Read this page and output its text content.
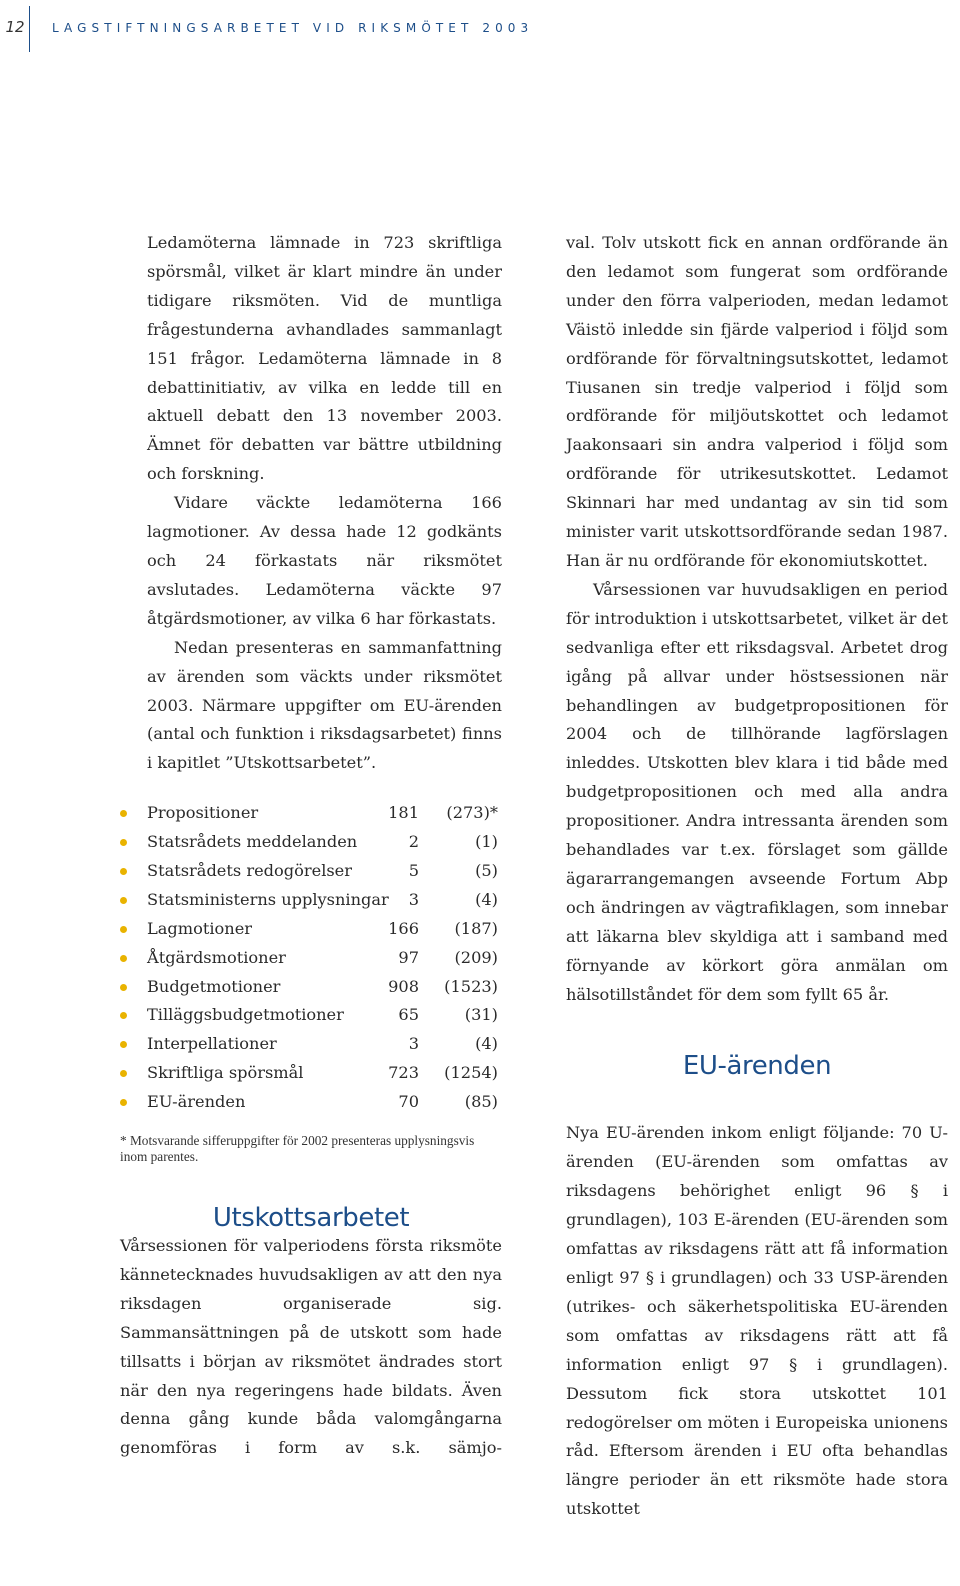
12	LAGSTIFTNINGSARBETET VID RIKSMÖTET 2003

Ledamöterna lämnade in 723 skriftliga spörsmål, vilket är klart mindre än under tidigare riksmöten. Vid de muntliga frågestunderna avhandlades sammanlagt 151 frågor. Ledamöterna lämnade in 8 debattinitiativ, av vilka en ledde till en aktuell debatt den 13 november 2003. Ämnet för debatten var bättre utbildning och forskning.

Vidare väckte ledamöterna 166 lagmotioner. Av dessa hade 12 godkänts och 24 förkastats när riksmötet avslutades. Ledamöterna väckte 97 åtgärdsmotioner, av vilka 6 har förkastats.

Nedan presenteras en sammanfattning av ärenden som väckts under riksmötet 2003. Närmare uppgifter om EU-ärenden (antal och funktion i riksdagsarbetet) finns i kapitlet ”Utskottsarbetet”.

Propositioner	181 (273)*
Statsrådets meddelanden	2	(1)
Statsrådets redogörelser	5	(5)
Statsministerns upplysningar 3	(4)
Lagmotioner	166 (187)
Åtgärdsmotioner	97 (209)
Budgetmotioner	908 (1523)
Tilläggsbudgetmotioner	65	(31)
Interpellationer	3	(4)
Skriftliga spörsmål	723 (1254)
EU-ärenden	70	(85)

* Motsvarande sifferuppgifter för 2002 presenteras upplysningsvis inom parentes.

Utskottsarbetet

Vårsessionen för valperiodens första riksmöte kännetecknades huvudsakligen av att den nya riksdagen organiserade sig. Sammansättningen på de utskott som hade tillsatts i början av riksmötet ändrades stort när den nya regeringens hade bildats. Även denna gång kunde båda valomgångarna genomföras i form av s.k. sämjo-

val. Tolv utskott fick en annan ordförande än den ledamot som fungerat som ordförande under den förra valperioden, medan ledamot Väistö inledde sin fjärde valperiod i följd som ordförande för förvaltningsutskottet, ledamot Tiusanen sin tredje valperiod i följd som ordförande för miljöutskottet och ledamot Jaakonsaari sin andra valperiod i följd som ordförande för utrikesutskottet. Ledamot Skinnari har med undantag av sin tid som minister varit utskottsordförande sedan 1987. Han är nu ordförande för ekonomiutskottet.

Vårsessionen var huvudsakligen en period för introduktion i utskottsarbetet, vilket är det sedvanliga efter ett riksdagsval. Arbetet drog igång på allvar under höstsessionen när behandlingen av budgetpropositionen för 2004 och de tillhörande lagförslagen inleddes. Utskotten blev klara i tid både med budgetpropositionen och med alla andra propositioner. Andra intressanta ärenden som behandlades var t.ex. förslaget som gällde ägararrangemangen avseende Fortum Abp och ändringen av vägtrafiklagen, som innebar att läkarna blev skyldiga att i samband med förnyande av körkort göra anmälan om hälsotillståndet för dem som fyllt 65 år.

EU-ärenden

Nya EU-ärenden inkom enligt följande: 70 U-ärenden (EU-ärenden som omfattas av riksdagens behörighet enligt 96 § i grundlagen), 103 E-ärenden (EU-ärenden som omfattas av riksdagens rätt att få information enligt 97 § i grundlagen) och 33 USP-ärenden (utrikes- och säkerhetspolitiska EU-ärenden som omfattas av riksdagens rätt att få information enligt 97 § i grundlagen). Dessutom fick stora utskottet 101 redogörelser om möten i Europeiska unionens råd. Eftersom ärenden i EU ofta behandlas längre perioder än ett riksmöte hade stora utskottet
